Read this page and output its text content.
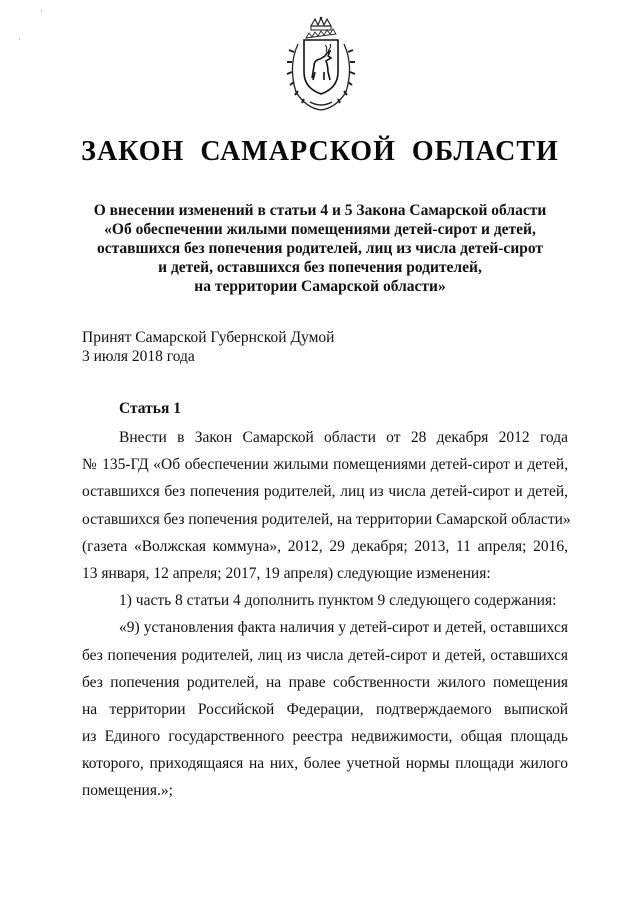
ЗАКОН САМАРСКОЙ ОБЛАСТИ
О внесении изменений в статьи 4 и 5 Закона Самарской области
«Об обеспечении жилыми помещениями детей-сирот и детей,
оставшихся без попечения родителей, лиц из числа детей-сирот
и детей, оставшихся без попечения родителей,
на территории Самарской области»
Принят Самарской Губернской Думой
3 июля 2018 года
Статья 1
Внести в Закон Самарской области от 28 декабря 2012 года
№ 135-ГД «Об обеспечении жилыми помещениями детей-сирот и детей,
оставшихся без попечения родителей, лиц из числа детей-сирот и детей,
оставшихся без попечения родителей, на территории Самарской области»
(газета «Волжская коммуна», 2012, 29 декабря; 2013, 11 апреля; 2016,
13 января, 12 апреля; 2017, 19 апреля) следующие изменения:
1) часть 8 статьи 4 дополнить пунктом 9 следующего содержания:
«9) установления факта наличия у детей-сирот и детей, оставшихся
без попечения родителей, лиц из числа детей-сирот и детей, оставшихся
без попечения родителей, на праве собственности жилого помещения
на территории Российской Федерации, подтверждаемого выпиской
из Единого государственного реестра недвижимости, общая площадь
которого, приходящаяся на них, более учетной нормы площади жилого
помещения.»;
·
·
